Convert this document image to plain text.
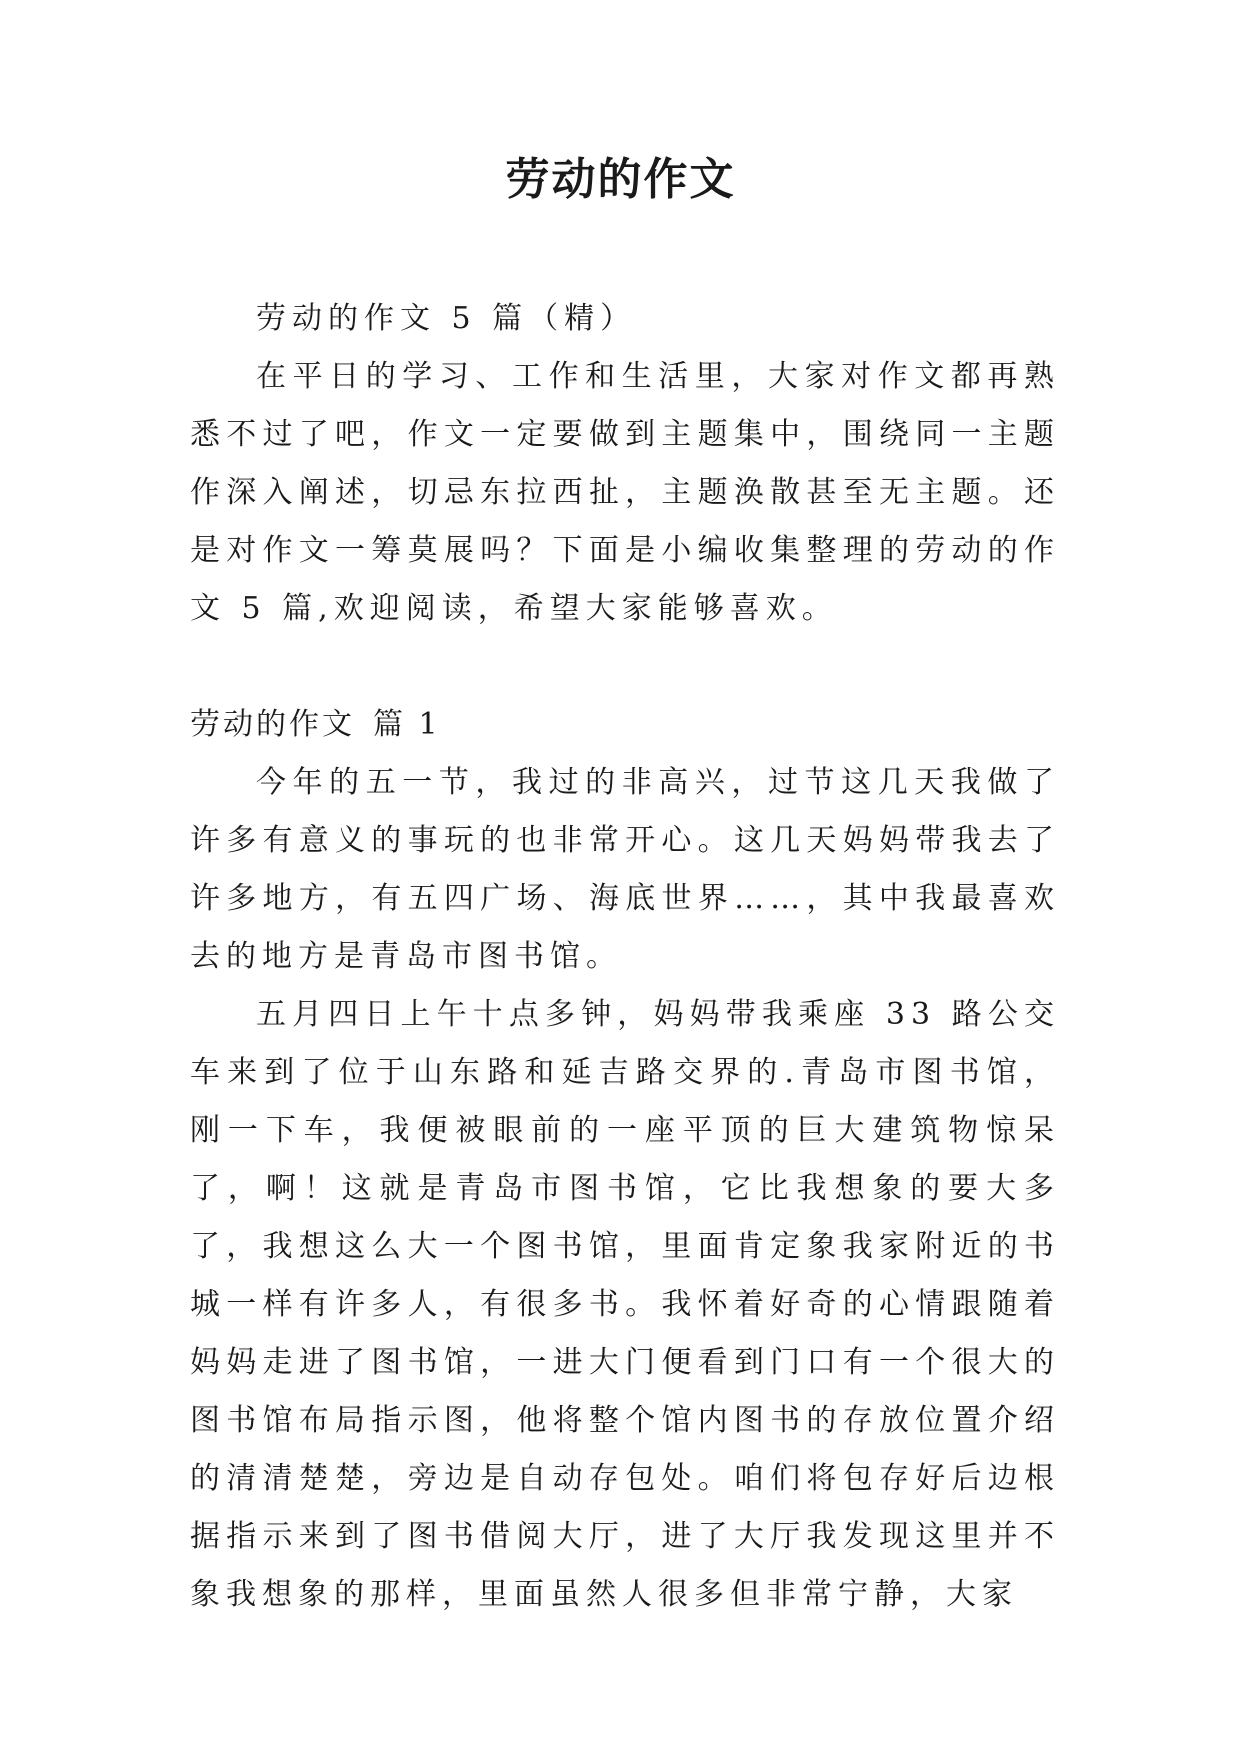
劳动的作文

劳动的作文 5 篇（精）

在平日的学习、工作和生活里，大家对作文都再熟悉不过了吧，作文一定要做到主题集中，围绕同一主题作深入阐述，切忌东拉西扯，主题涣散甚至无主题。还是对作文一筹莫展吗？下面是小编收集整理的劳动的作文 5 篇,欢迎阅读，希望大家能够喜欢。

劳动的作文 篇 1

今年的五一节，我过的非高兴，过节这几天我做了许多有意义的事玩的也非常开心。这几天妈妈带我去了许多地方，有五四广场、海底世界……，其中我最喜欢去的地方是青岛市图书馆。

五月四日上午十点多钟，妈妈带我乘座 33 路公交车来到了位于山东路和延吉路交界的.青岛市图书馆，刚一下车，我便被眼前的一座平顶的巨大建筑物惊呆了，啊！这就是青岛市图书馆，它比我想象的要大多了，我想这么大一个图书馆，里面肯定象我家附近的书城一样有许多人，有很多书。我怀着好奇的心情跟随着妈妈走进了图书馆，一进大门便看到门口有一个很大的图书馆布局指示图，他将整个馆内图书的存放位置介绍的清清楚楚，旁边是自动存包处。咱们将包存好后边根据指示来到了图书借阅大厅，进了大厅我发现这里并不象我想象的那样，里面虽然人很多但非常宁静，大家
